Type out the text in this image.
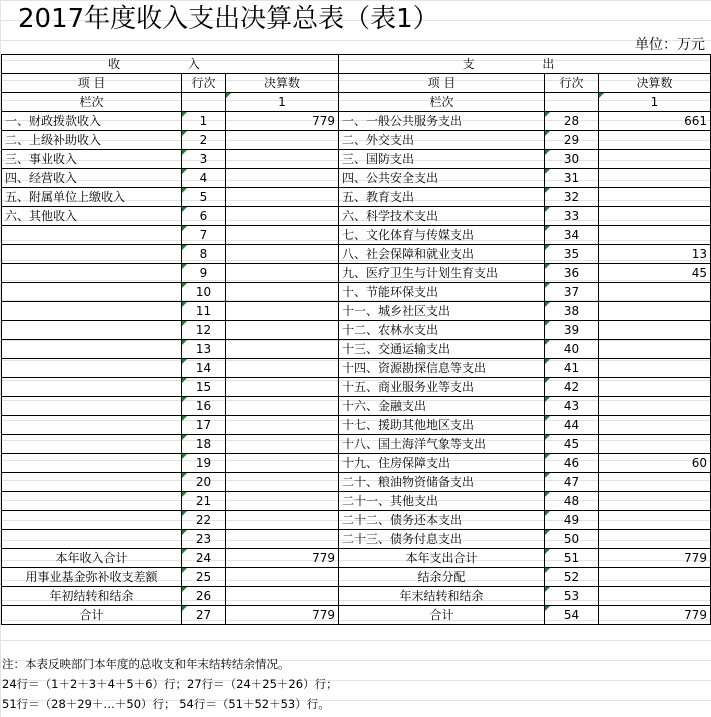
2017年度收入支出决算总表（表1）
单位：万元
收 入			支 出		
项 目	行次	决算数	项 目	行次	决算数
栏次		1	栏次		1
一、财政拨款收入	1	779	一、一般公共服务支出	28	661
二、上级补助收入	2		二、外交支出	29	
三、事业收入	3		三、国防支出	30	
四、经营收入	4		四、公共安全支出	31	
五、附属单位上缴收入	5		五、教育支出	32	
六、其他收入	6		六、科学技术支出	33	
	7		七、文化体育与传媒支出	34	
	8		八、社会保障和就业支出	35	13
	9		九、医疗卫生与计划生育支出	36	45
	10		十、节能环保支出	37	
	11		十一、城乡社区支出	38	
	12		十二、农林水支出	39	
	13		十三、交通运输支出	40	
	14		十四、资源勘探信息等支出	41	
	15		十五、商业服务业等支出	42	
	16		十六、金融支出	43	
	17		十七、援助其他地区支出	44	
	18		十八、国土海洋气象等支出	45	
	19		十九、住房保障支出	46	60
	20		二十、粮油物资储备支出	47	
	21		二十一、其他支出	48	
	22		二十二、债务还本支出	49	
	23		二十三、债务付息支出	50	
本年收入合计	24	779	本年支出合计	51	779
用事业基金弥补收支差额	25		结余分配	52	
年初结转和结余	26		年末结转和结余	53	
合计	27	779	合计	54	779
注：本表反映部门本年度的总收支和年末结转结余情况。
24行＝（1＋2＋3＋4＋5＋6）行；27行＝（24＋25＋26）行；
51行＝（28＋29＋…＋50）行； 54行＝（51＋52＋53）行。
